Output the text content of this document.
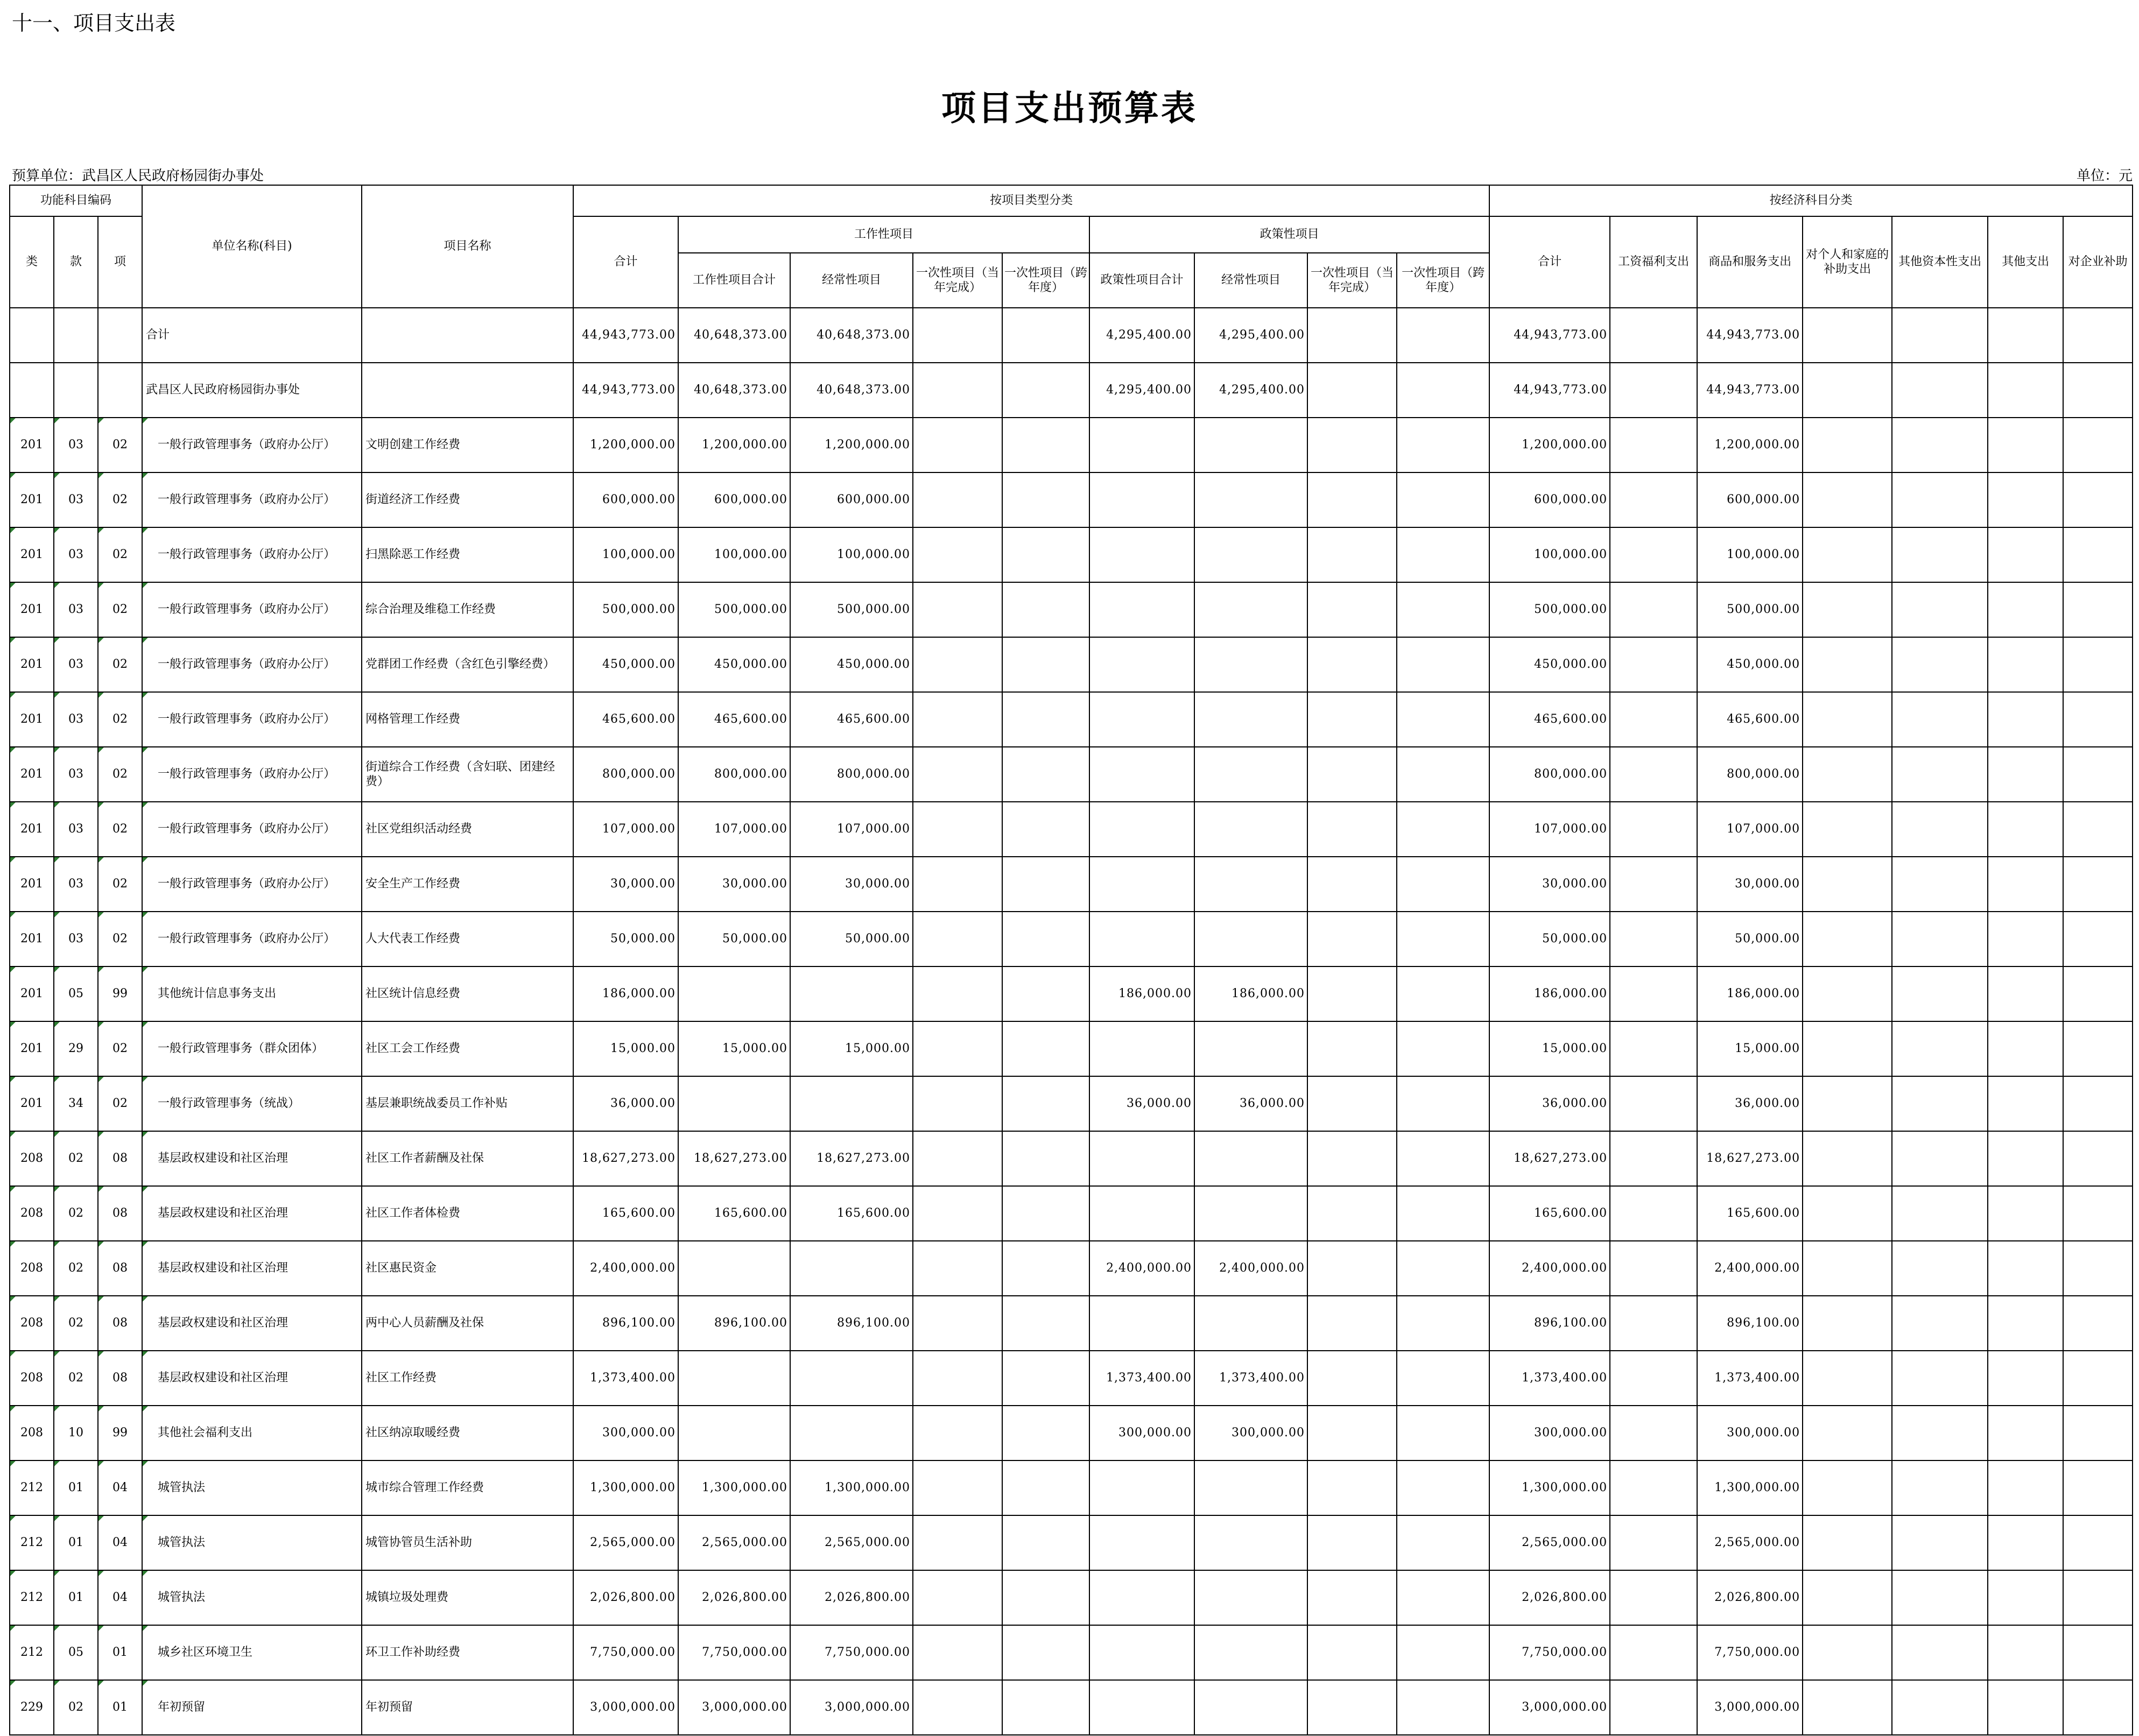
十一、项目支出表
项目支出预算表
预算单位：武昌区人民政府杨园街办事处	单位：元
功能科目编码			单位名称(科目)	项目名称	按项目类型分类									按经济科目分类						
类	款	项			合计	工作性项目				政策性项目				合计	工资福利支出	商品和服务支出	对个人和家庭的补助支出	其他资本性支出	其他支出	对企业补助
						工作性项目合计	经常性项目	一次性项目（当年完成）	一次性项目（跨年度）	政策性项目合计	经常性项目	一次性项目（当年完成）	一次性项目（跨年度）							
			合计		44,943,773.00	40,648,373.00	40,648,373.00			4,295,400.00	4,295,400.00			44,943,773.00		44,943,773.00				
			武昌区人民政府杨园街办事处		44,943,773.00	40,648,373.00	40,648,373.00			4,295,400.00	4,295,400.00			44,943,773.00		44,943,773.00				
201	03	02	一般行政管理事务（政府办公厅）	文明创建工作经费	1,200,000.00	1,200,000.00	1,200,000.00							1,200,000.00		1,200,000.00				
201	03	02	一般行政管理事务（政府办公厅）	街道经济工作经费	600,000.00	600,000.00	600,000.00							600,000.00		600,000.00				
201	03	02	一般行政管理事务（政府办公厅）	扫黑除恶工作经费	100,000.00	100,000.00	100,000.00							100,000.00		100,000.00				
201	03	02	一般行政管理事务（政府办公厅）	综合治理及维稳工作经费	500,000.00	500,000.00	500,000.00							500,000.00		500,000.00				
201	03	02	一般行政管理事务（政府办公厅）	党群团工作经费（含红色引擎经费）	450,000.00	450,000.00	450,000.00							450,000.00		450,000.00				
201	03	02	一般行政管理事务（政府办公厅）	网格管理工作经费	465,600.00	465,600.00	465,600.00							465,600.00		465,600.00				
201	03	02	一般行政管理事务（政府办公厅）	街道综合工作经费（含妇联、团建经费）	800,000.00	800,000.00	800,000.00							800,000.00		800,000.00				
201	03	02	一般行政管理事务（政府办公厅）	社区党组织活动经费	107,000.00	107,000.00	107,000.00							107,000.00		107,000.00				
201	03	02	一般行政管理事务（政府办公厅）	安全生产工作经费	30,000.00	30,000.00	30,000.00							30,000.00		30,000.00				
201	03	02	一般行政管理事务（政府办公厅）	人大代表工作经费	50,000.00	50,000.00	50,000.00							50,000.00		50,000.00				
201	05	99	其他统计信息事务支出	社区统计信息经费	186,000.00					186,000.00	186,000.00			186,000.00		186,000.00				
201	29	02	一般行政管理事务（群众团体）	社区工会工作经费	15,000.00	15,000.00	15,000.00							15,000.00		15,000.00				
201	34	02	一般行政管理事务（统战）	基层兼职统战委员工作补贴	36,000.00					36,000.00	36,000.00			36,000.00		36,000.00				
208	02	08	基层政权建设和社区治理	社区工作者薪酬及社保	18,627,273.00	18,627,273.00	18,627,273.00							18,627,273.00		18,627,273.00				
208	02	08	基层政权建设和社区治理	社区工作者体检费	165,600.00	165,600.00	165,600.00							165,600.00		165,600.00				
208	02	08	基层政权建设和社区治理	社区惠民资金	2,400,000.00					2,400,000.00	2,400,000.00			2,400,000.00		2,400,000.00				
208	02	08	基层政权建设和社区治理	两中心人员薪酬及社保	896,100.00	896,100.00	896,100.00							896,100.00		896,100.00				
208	02	08	基层政权建设和社区治理	社区工作经费	1,373,400.00					1,373,400.00	1,373,400.00			1,373,400.00		1,373,400.00				
208	10	99	其他社会福利支出	社区纳凉取暖经费	300,000.00					300,000.00	300,000.00			300,000.00		300,000.00				
212	01	04	城管执法	城市综合管理工作经费	1,300,000.00	1,300,000.00	1,300,000.00							1,300,000.00		1,300,000.00				
212	01	04	城管执法	城管协管员生活补助	2,565,000.00	2,565,000.00	2,565,000.00							2,565,000.00		2,565,000.00				
212	01	04	城管执法	城镇垃圾处理费	2,026,800.00	2,026,800.00	2,026,800.00							2,026,800.00		2,026,800.00				
212	05	01	城乡社区环境卫生	环卫工作补助经费	7,750,000.00	7,750,000.00	7,750,000.00							7,750,000.00		7,750,000.00				
229	02	01	年初预留	年初预留	3,000,000.00	3,000,000.00	3,000,000.00							3,000,000.00		3,000,000.00				
